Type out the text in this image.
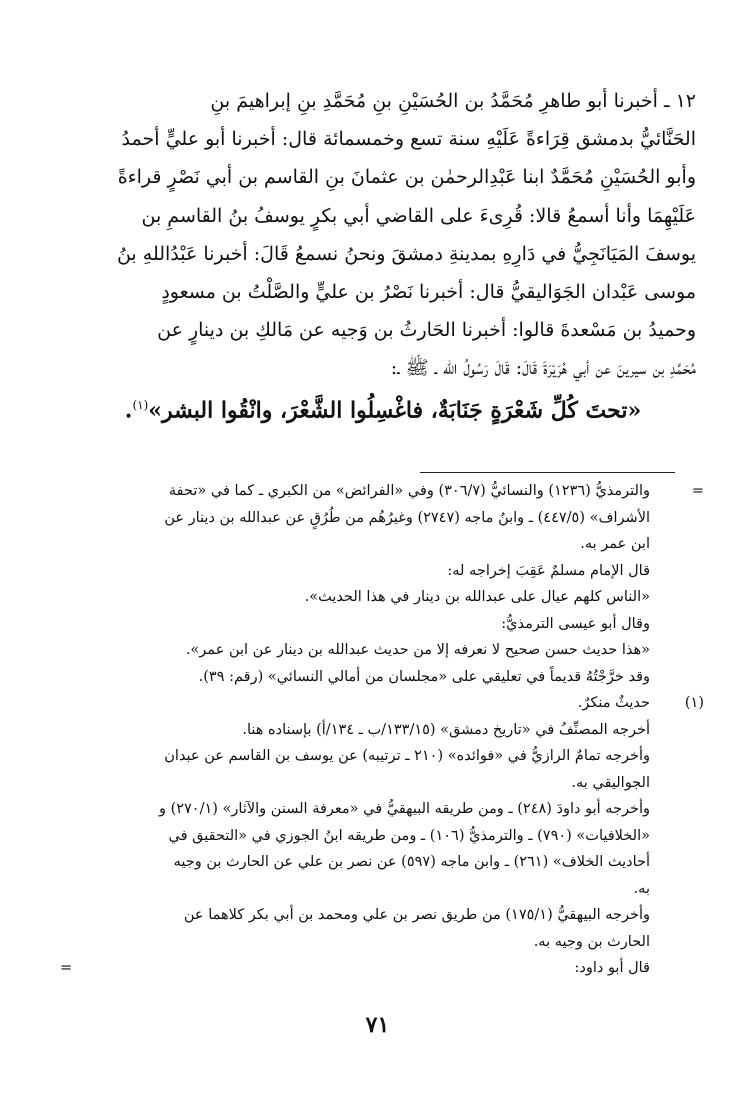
١٢ ـ أخبرنا أبو طاهرِ مُحَمَّدُ بن الحُسَيْنِ بنِ مُحَمَّدِ بنِ إبراهيمَ بنِ
الحَنَّائيُّ بدمشق قِرَاءةً عَلَيْهِ سنة تسع وخمسمائة قال: أخبرنا أبو عليٍّ أحمدُ
وأبو الحُسَيْنِ مُحَمَّدٌ ابنا عَبْدِالرحمٰن بن عثمانَ بنِ القاسم بن أبي نَصْرٍ قراءةً
عَلَيْهِمَا وأنا أسمعُ قالا: قُرِىءَ على القاضي أبي بكرٍ يوسفُ بنُ القاسمِ بن
يوسفَ المَيَانَجِيُّ في دَارِهِ بمدينةِ دمشقَ ونحنُ نسمعُ قَالَ: أخبرنا عَبْدُاللهِ بنُ
موسى عَبْدان الجَوَاليقيُّ قال: أخبرنا نَصْرُ بن عليٍّ والصَّلْتُ بن مسعودٍ
وحميدُ بن مَسْعدةَ قالوا: أخبرنا الحَارثُ بن وَجيه عن مَالكِ بن دينارٍ عن
مُحَمَّدِ بن سيرينَ عن أبي هُرَيْرَةَ قَالَ: قَالَ رَسُولُ الله ـ ﷺ ـ:
«تحتَ كُلِّ شَعْرَةٍ جَنَابَةٌ، فاغْسِلُوا الشَّعْرَ، وانْقُوا البشر»$^{(١)}$.
=
والترمذيُّ (١٢٣٦) والنسائيُّ (٣٠٦/٧) وفي «الفرائض» من الكبري ـ كما في «تحفة
الأشراف» (٤٤٧/٥) ـ وابنُ ماجه (٢٧٤٧) وغيرُهُم من طُرُقٍ عن عبدالله بن دينار عن
ابن عمر به.
قال الإمام مسلمٌ عَقِبَ إخراجه له:
«الناس كلهم عيال على عبدالله بن دينار في هذا الحديث».
وقال أبو عيسى الترمذيُّ:
«هذا حديث حسن صحيح لا نعرفه إلا من حديث عبدالله بن دينار عن ابن عمر».
وقد خرَّجْتُهُ قديماً في تعليقي على «مجلسان من أمالي النسائي» (رقم: ٣٩).
(١)
حديثٌ منكرٌ.
أخرجه المصنِّفُ في «تاريخ دمشق» (١٣٣/١٥/ب ـ ١٣٤/أ) بإسناده هنا.
وأخرجه تمامٌ الرازيُّ في «فوائده» (٢١٠ ـ ترتيبه) عن يوسف بن القاسم عن عبدان
الجواليقي به.
وأخرجه أبو داودَ (٢٤٨) ـ ومن طريقه البيهقيُّ في «معرفة السنن والآثار» (٢٧٠/١) و
«الخلافيات» (٧٩٠) ـ والترمذيُّ (١٠٦) ـ ومن طريقه ابنُ الجوزي في «التحقيق في
أحاديث الخلاف» (٢٦١) ـ وابن ماجه (٥٩٧) عن نصر بن علي عن الحارث بن وجيه
به.
وأخرجه البيهقيُّ (١٧٥/١) من طريق نصر بن علي ومحمد بن أبي بكر كلاهما عن
الحارث بن وجيه به.
قال أبو داود:
=
٧١
